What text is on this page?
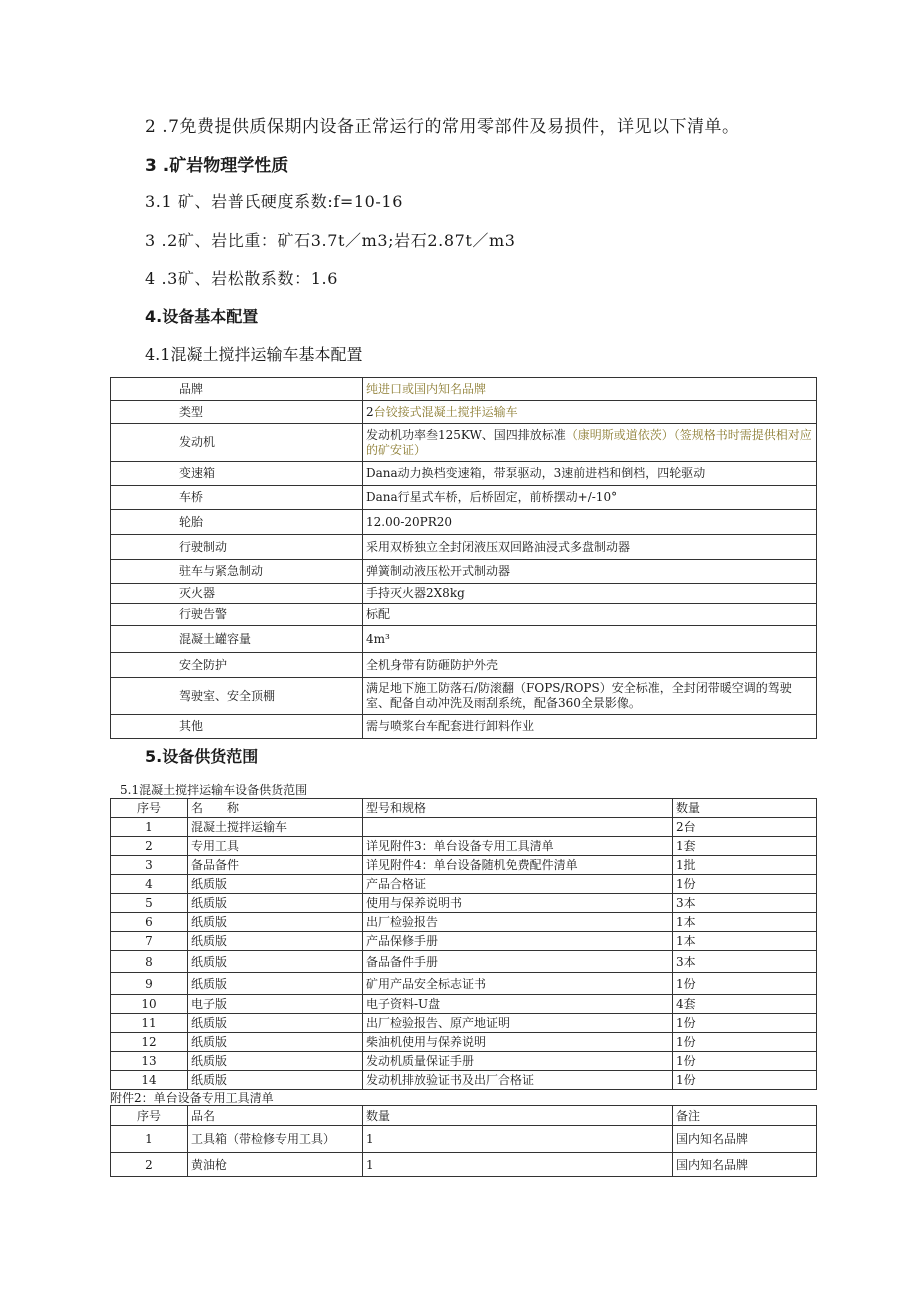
2 .7免费提供质保期内设备正常运行的常用零部件及易损件，详见以下清单。
3 .矿岩物理学性质
3.1 矿、岩普氏硬度系数:f=10-16
3 .2矿、岩比重：矿石3.7t／m3;岩石2.87t／m3
4 .3矿、岩松散系数：1.6
4.设备基本配置
4.1混凝土搅拌运输车基本配置
品牌	纯进口或国内知名品牌
类型	2台铰接式混凝土搅拌运输车
发动机	发动机功率叁125KW、国四排放标准（康明斯或道依茨）（签规格书时需提供相对应的矿安证）
变速箱	Dana动力换档变速箱，带泵驱动，3速前进档和倒档，四轮驱动
车桥	Dana行星式车桥，后桥固定，前桥摆动+/-10°
轮胎	12.00-20PR20
行驶制动	采用双桥独立全封闭液压双回路油浸式多盘制动器
驻车与紧急制动	弹簧制动液压松开式制动器
灭火器	手持灭火器2X8kg
行驶告警	标配
混凝土罐容量	4m³
安全防护	全机身带有防砸防护外壳
驾驶室、安全顶棚	满足地下施工防落石/防滚翻（FOPS/ROPS）安全标准，全封闭带暖空调的驾驶室、配备自动冲洗及雨刮系统，配备360全景影像。
其他	需与喷浆台车配套进行卸料作业
5.设备供货范围
5.1混凝土搅拌运输车设备供货范围
序号	名　　称	型号和规格	数量
1	混凝土搅拌运输车		2台
2	专用工具	详见附件3：单台设备专用工具清单	1套
3	备品备件	详见附件4：单台设备随机免费配件清单	1批
4	纸质版	产品合格证	1份
5	纸质版	使用与保养说明书	3本
6	纸质版	出厂检验报告	1本
7	纸质版	产品保修手册	1本
8	纸质版	备品备件手册	3本
9	纸质版	矿用产品安全标志证书	1份
10	电子版	电子资料-U盘	4套
11	纸质版	出厂检验报告、原产地证明	1份
12	纸质版	柴油机使用与保养说明	1份
13	纸质版	发动机质量保证手册	1份
14	纸质版	发动机排放验证书及出厂合格证	1份
附件2：单台设备专用工具清单
序号	品名	数量	备注
1	工具箱（带检修专用工具）	1	国内知名品牌
2	黄油枪	1	国内知名品牌
